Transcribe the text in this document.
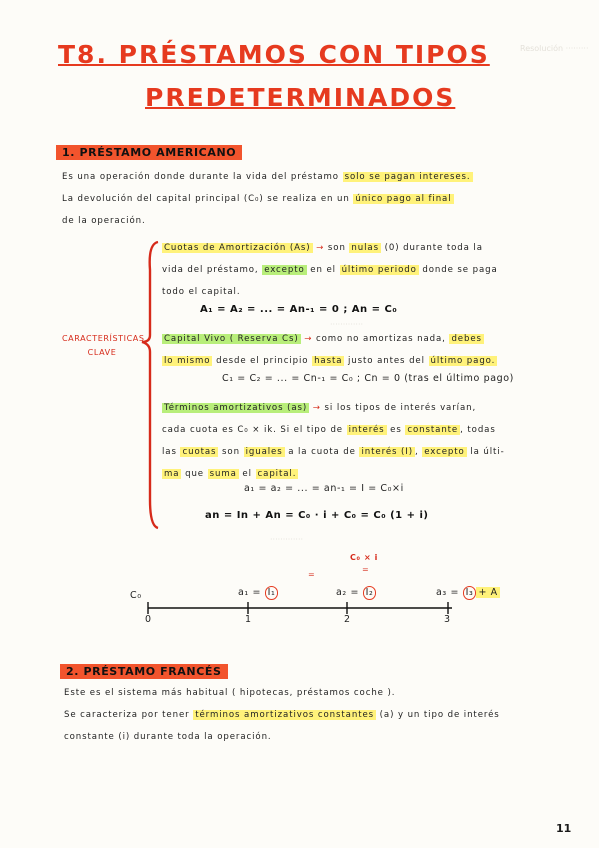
Resolución ·········
·············
·············
T8. PRÉSTAMOS CON TIPOS
PREDETERMINADOS
1. PRÉSTAMO AMERICANO
Es una operación donde durante la vida del préstamo solo se pagan intereses.
La devolución del capital principal (C₀) se realiza en un único pago al final
de la operación.
CARACTERÍSTICAS
CLAVE
Cuotas de Amortización (As) → son nulas (0) durante toda la
vida del préstamo, excepto en el último periodo donde se paga
todo el capital.
A₁ = A₂ = ... = An-₁ = 0 ; An = C₀
Capital Vivo ( Reserva Cs) → como no amortizas nada, debes
lo mismo desde el principio hasta justo antes del último pago.
C₁ = C₂ = ... = Cn-₁ = C₀ ; Cn = 0 (tras el último pago)
Términos amortizativos (as) → si los tipos de interés varían,
cada cuota es C₀ × ik. Si el tipo de interés es constante , todas
las cuotas son iguales a la cuota de interés (I) , excepto la últi-
ma que suma el capital.
a₁ = a₂ = ... = an-₁ = I = C₀×i
an = In + An = C₀ · i + C₀ = C₀ (1 + i)
C₀ × i
=
=
C₀	a₁ = I₁	a₂ = I₂	a₃ = I₃ + A
0	1	2	3
2. PRÉSTAMO FRANCÉS
Este es el sistema más habitual ( hipotecas, préstamos coche ).
Se caracteriza por tener términos amortizativos constantes (a) y un tipo de interés
constante (i) durante toda la operación.
11
